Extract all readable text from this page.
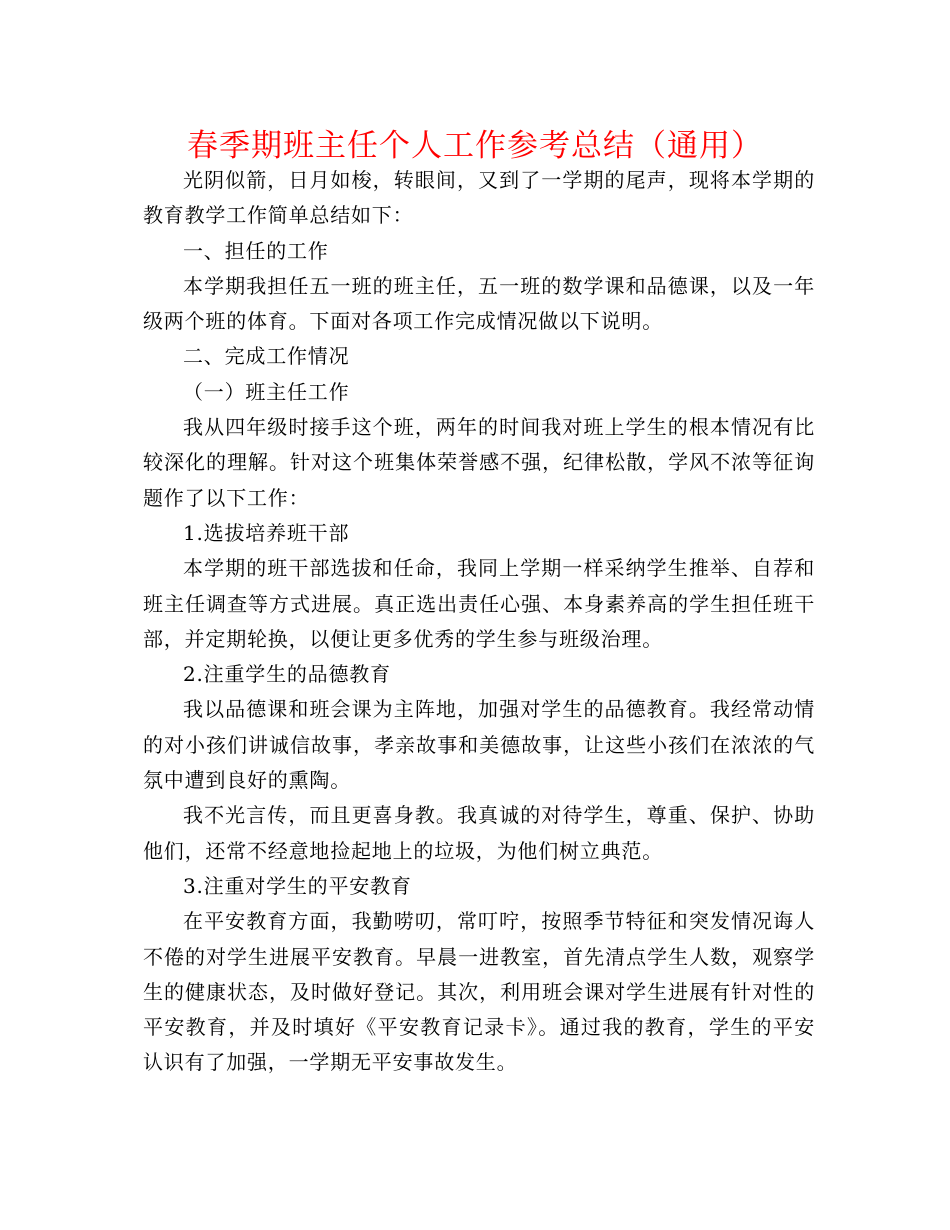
春季期班主任个人工作参考总结（通用）

光阴似箭，日月如梭，转眼间，又到了一学期的尾声，现将本学期的教育教学工作简单总结如下：

一、担任的工作

本学期我担任五一班的班主任，五一班的数学课和品德课，以及一年级两个班的体育。下面对各项工作完成情况做以下说明。

二、完成工作情况

（一）班主任工作

我从四年级时接手这个班，两年的时间我对班上学生的根本情况有比较深化的理解。针对这个班集体荣誉感不强，纪律松散，学风不浓等征询题作了以下工作：

1.选拔培养班干部

本学期的班干部选拔和任命，我同上学期一样采纳学生推举、自荐和班主任调查等方式进展。真正选出责任心强、本身素养高的学生担任班干部，并定期轮换，以便让更多优秀的学生参与班级治理。

2.注重学生的品德教育

我以品德课和班会课为主阵地，加强对学生的品德教育。我经常动情的对小孩们讲诚信故事，孝亲故事和美德故事，让这些小孩们在浓浓的气氛中遭到良好的熏陶。

我不光言传，而且更喜身教。我真诚的对待学生，尊重、保护、协助他们，还常不经意地捡起地上的垃圾，为他们树立典范。

3.注重对学生的平安教育

在平安教育方面，我勤唠叨，常叮咛，按照季节特征和突发情况诲人不倦的对学生进展平安教育。早晨一进教室，首先清点学生人数，观察学生的健康状态，及时做好登记。其次，利用班会课对学生进展有针对性的平安教育，并及时填好《平安教育记录卡》。通过我的教育，学生的平安认识有了加强，一学期无平安事故发生。
